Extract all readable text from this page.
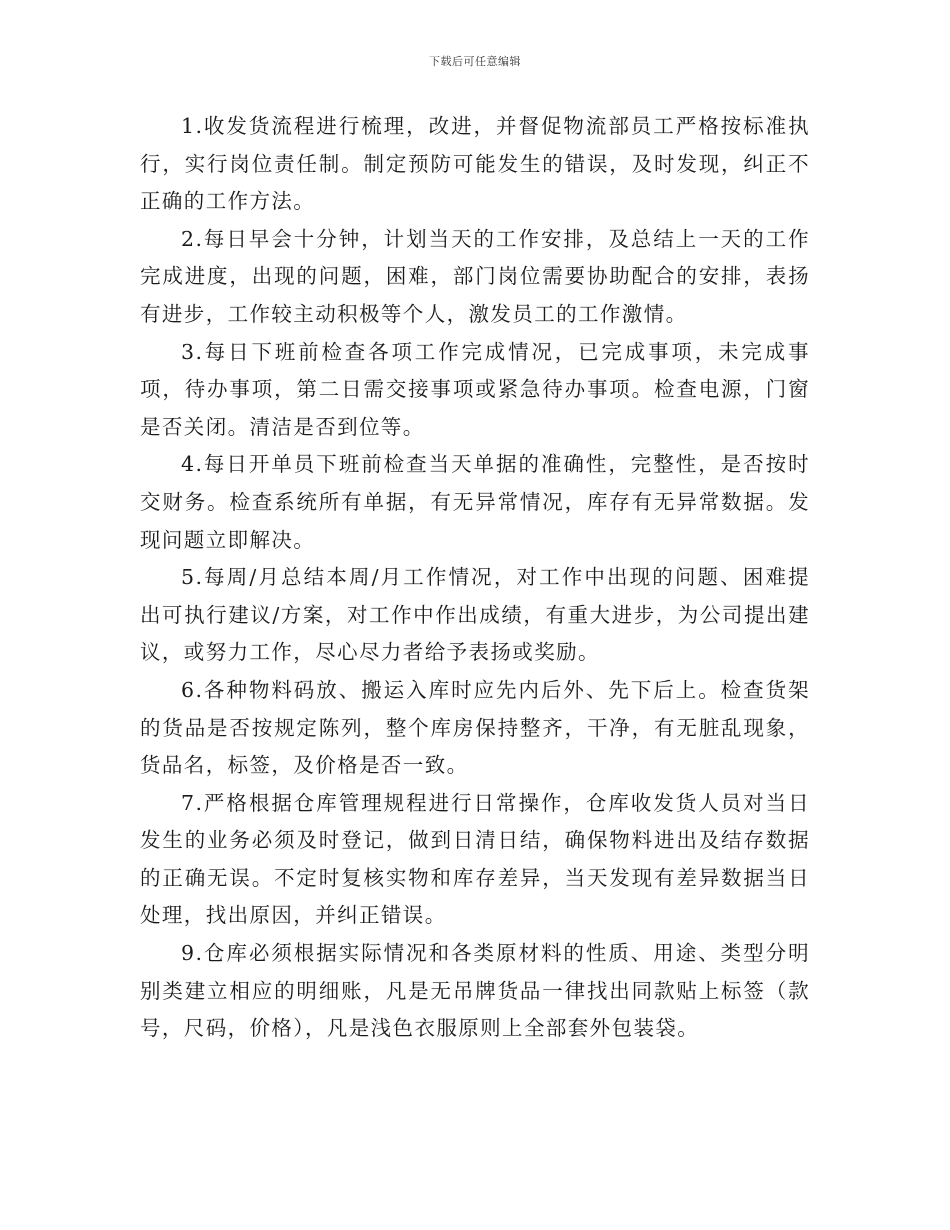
下载后可任意编辑

1.收发货流程进行梳理，改进，并督促物流部员工严格按标准执行，实行岗位责任制。制定预防可能发生的错误，及时发现，纠正不正确的工作方法。

2.每日早会十分钟，计划当天的工作安排，及总结上一天的工作完成进度，出现的问题，困难，部门岗位需要协助配合的安排，表扬有进步，工作较主动积极等个人，激发员工的工作激情。

3.每日下班前检查各项工作完成情况，已完成事项，未完成事项，待办事项，第二日需交接事项或紧急待办事项。检查电源，门窗是否关闭。清洁是否到位等。

4.每日开单员下班前检查当天单据的准确性，完整性，是否按时交财务。检查系统所有单据，有无异常情况，库存有无异常数据。发现问题立即解决。

5.每周/月总结本周/月工作情况，对工作中出现的问题、困难提出可执行建议/方案，对工作中作出成绩，有重大进步，为公司提出建议，或努力工作，尽心尽力者给予表扬或奖励。

6.各种物料码放、搬运入库时应先内后外、先下后上。检查货架的货品是否按规定陈列，整个库房保持整齐，干净，有无脏乱现象，货品名，标签，及价格是否一致。

7.严格根据仓库管理规程进行日常操作，仓库收发货人员对当日发生的业务必须及时登记，做到日清日结，确保物料进出及结存数据的正确无误。不定时复核实物和库存差异，当天发现有差异数据当日处理，找出原因，并纠正错误。

9.仓库必须根据实际情况和各类原材料的性质、用途、类型分明别类建立相应的明细账，凡是无吊牌货品一律找出同款贴上标签（款号，尺码，价格），凡是浅色衣服原则上全部套外包装袋。
